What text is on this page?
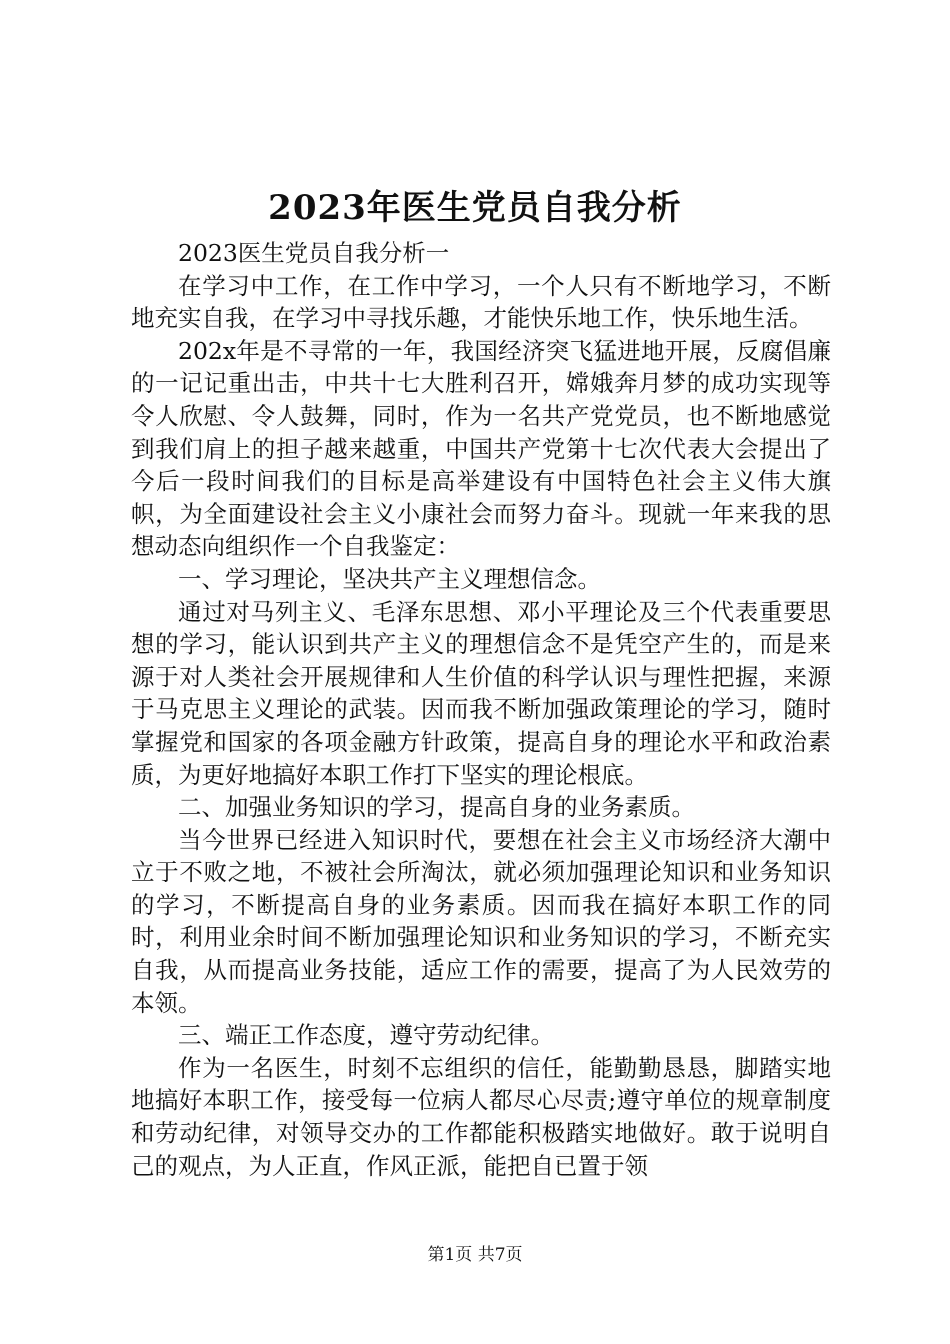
2023年医生党员自我分析

2023医生党员自我分析一

在学习中工作，在工作中学习，一个人只有不断地学习，不断地充实自我，在学习中寻找乐趣，才能快乐地工作，快乐地生活。

202x年是不寻常的一年，我国经济突飞猛进地开展，反腐倡廉的一记记重出击，中共十七大胜利召开，嫦娥奔月梦的成功实现等令人欣慰、令人鼓舞，同时，作为一名共产党党员，也不断地感觉到我们肩上的担子越来越重，中国共产党第十七次代表大会提出了今后一段时间我们的目标是高举建设有中国特色社会主义伟大旗帜，为全面建设社会主义小康社会而努力奋斗。现就一年来我的思想动态向组织作一个自我鉴定：

一、学习理论，坚决共产主义理想信念。

通过对马列主义、毛泽东思想、邓小平理论及三个代表重要思想的学习，能认识到共产主义的理想信念不是凭空产生的，而是来源于对人类社会开展规律和人生价值的科学认识与理性把握，来源于马克思主义理论的武装。因而我不断加强政策理论的学习，随时掌握党和国家的各项金融方针政策，提高自身的理论水平和政治素质，为更好地搞好本职工作打下坚实的理论根底。

二、加强业务知识的学习，提高自身的业务素质。

当今世界已经进入知识时代，要想在社会主义市场经济大潮中立于不败之地，不被社会所淘汰，就必须加强理论知识和业务知识的学习，不断提高自身的业务素质。因而我在搞好本职工作的同时，利用业余时间不断加强理论知识和业务知识的学习，不断充实自我，从而提高业务技能，适应工作的需要，提高了为人民效劳的本领。

三、端正工作态度，遵守劳动纪律。

作为一名医生，时刻不忘组织的信任，能勤勤恳恳，脚踏实地地搞好本职工作，接受每一位病人都尽心尽责;遵守单位的规章制度和劳动纪律，对领导交办的工作都能积极踏实地做好。敢于说明自己的观点，为人正直，作风正派，能把自已置于领

第1页 共7页
